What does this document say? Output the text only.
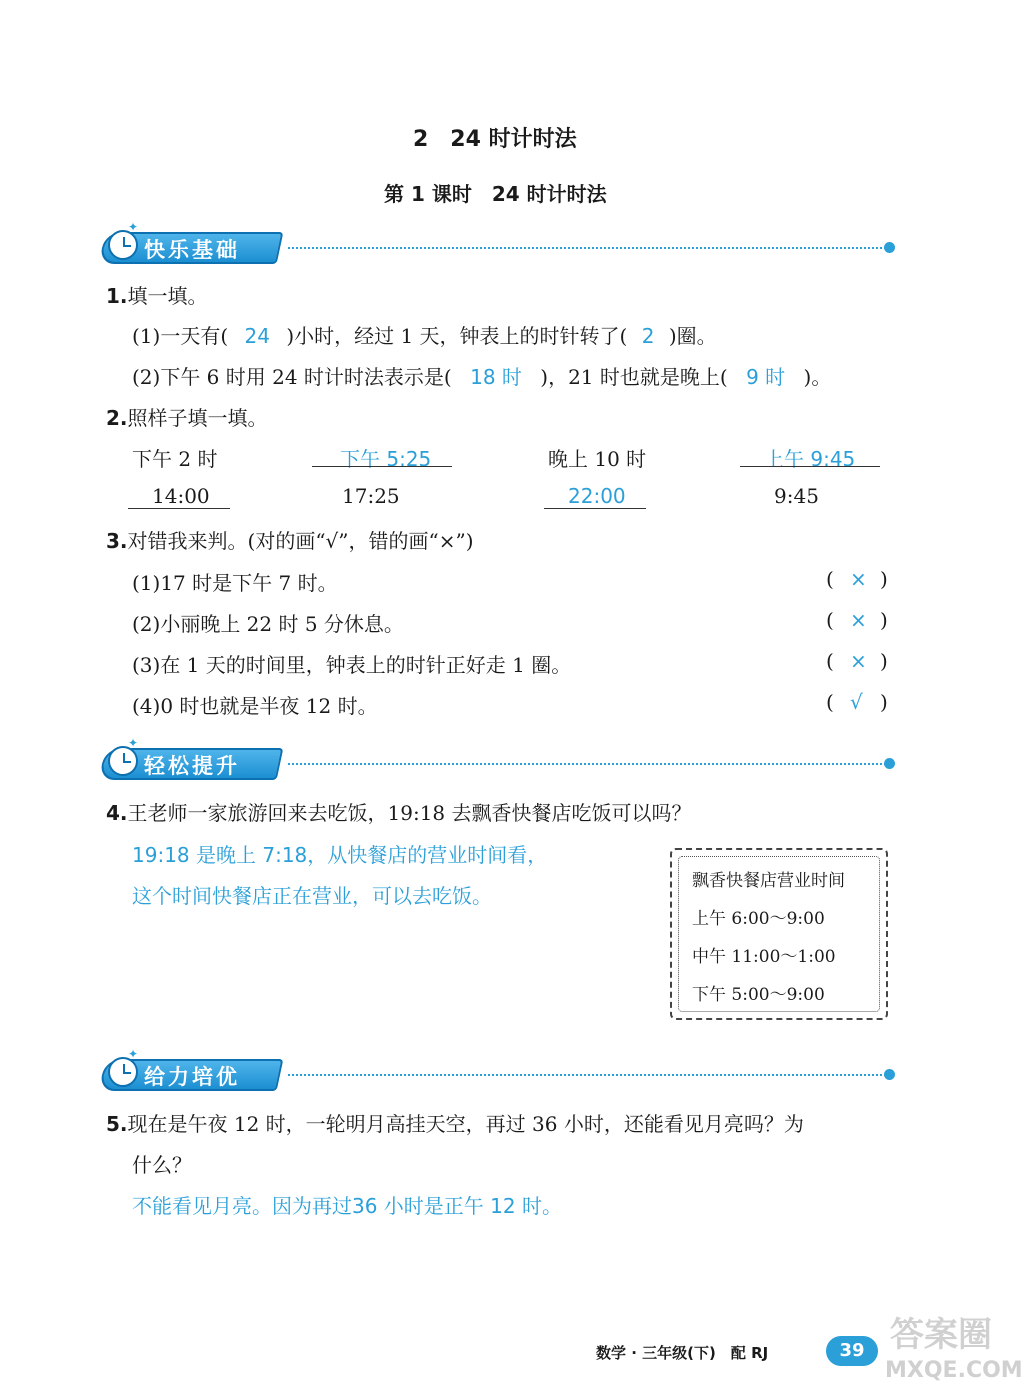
2　24 时计时法
第 1 课时　24 时计时法
✦
快乐基础
1.填一填。
(1)一天有( 24 )小时，经过 1 天，钟表上的时针转了( 2 )圈。
(2)下午 6 时用 24 时计时法表示是( 18 时 )，21 时也就是晚上( 9 时 )。
2.照样子填一填。
下午 2 时	下午 5:25	晚上 10 时	上午 9:45
14:00	17:25	22:00	9:45
3.对错我来判。(对的画“√”，错的画“×”)
(1)17 时是下午 7 时。	( × )
(2)小丽晚上 22 时 5 分休息。	( × )
(3)在 1 天的时间里，钟表上的时针正好走 1 圈。	( × )
(4)0 时也就是半夜 12 时。	( √ )
✦
轻松提升
4.王老师一家旅游回来去吃饭，19:18 去飘香快餐店吃饭可以吗？
19:18 是晚上 7:18，从快餐店的营业时间看，
这个时间快餐店正在营业，可以去吃饭。
飘香快餐店营业时间
上午 6:00～9:00
中午 11:00～1:00
下午 5:00～9:00
✦
给力培优
5.现在是午夜 12 时，一轮明月高挂天空，再过 36 小时，还能看见月亮吗？为
什么？
不能看见月亮。因为再过36 小时是正午 12 时。
数学 · 三年级(下)　配 RJ	39 答案圈
MXQE.COM
